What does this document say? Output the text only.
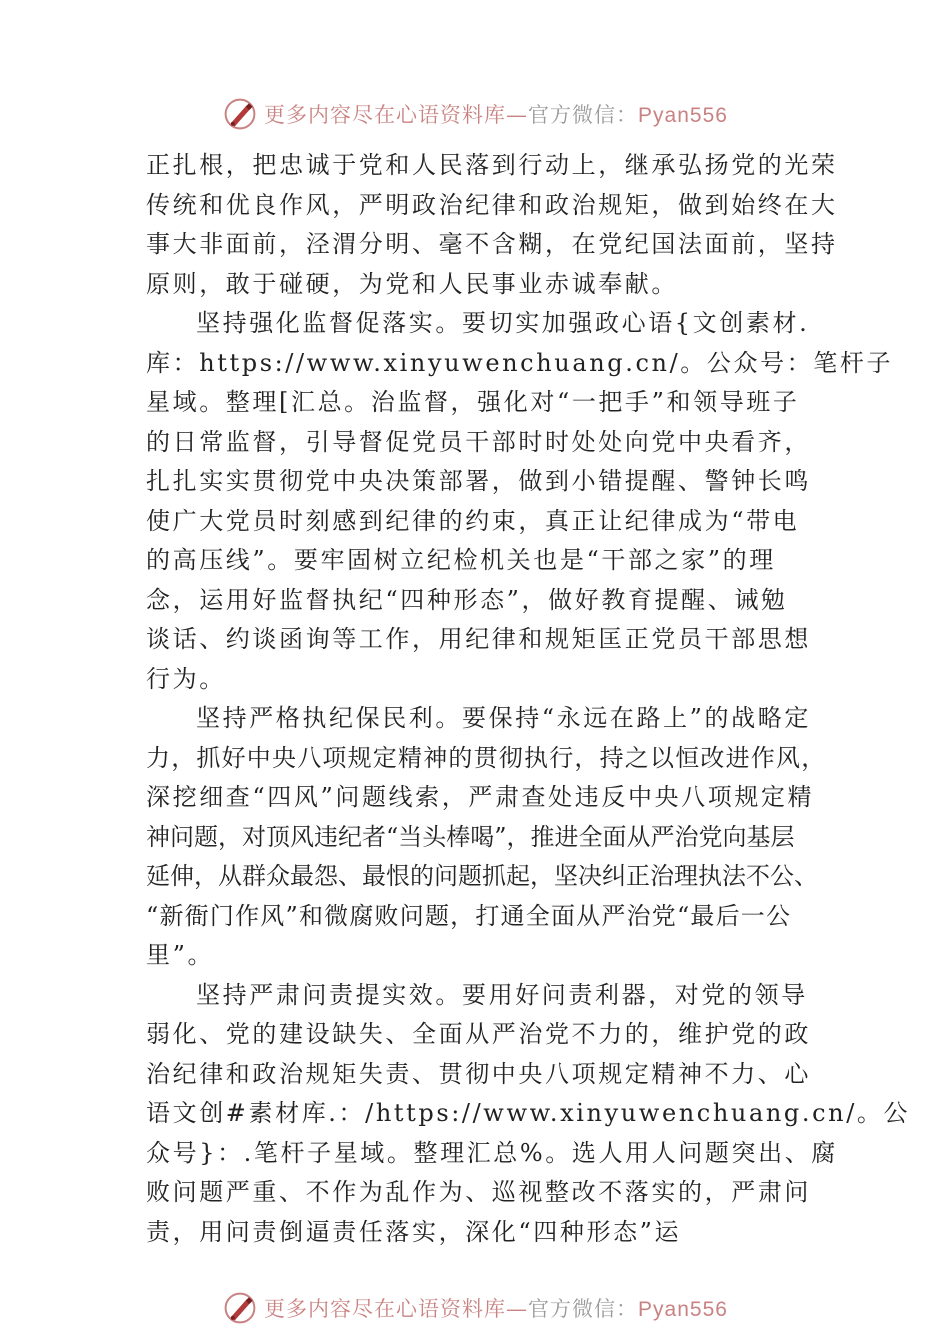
更多内容尽在心语资料库—官方微信：Pyan556
正扎根，把忠诚于党和人民落到行动上，继承弘扬党的光荣
传统和优良作风，严明政治纪律和政治规矩，做到始终在大
事大非面前，泾渭分明、毫不含糊，在党纪国法面前，坚持
原则，敢于碰硬，为党和人民事业赤诚奉献。
坚持强化监督促落实。要切实加强政心语{文创素材.
库：https://www.xinyuwenchuang.cn/。公众号：笔杆子
星域。整理[汇总。治监督，强化对“一把手”和领导班子
的日常监督，引导督促党员干部时时处处向党中央看齐，
扎扎实实贯彻党中央决策部署，做到小错提醒、警钟长鸣
使广大党员时刻感到纪律的约束，真正让纪律成为“带电
的高压线”。要牢固树立纪检机关也是“干部之家”的理
念，运用好监督执纪“四种形态”，做好教育提醒、诫勉
谈话、约谈函询等工作，用纪律和规矩匡正党员干部思想
行为。
坚持严格执纪保民利。要保持“永远在路上”的战略定
力，抓好中央八项规定精神的贯彻执行，持之以恒改进作风，
深挖细查“四风”问题线索，严肃查处违反中央八项规定精
神问题，对顶风违纪者“当头棒喝”，推进全面从严治党向基层
延伸，从群众最怨、最恨的问题抓起，坚决纠正治理执法不公、
“新衙门作风”和微腐败问题，打通全面从严治党“最后一公
里”。
坚持严肃问责提实效。要用好问责利器，对党的领导
弱化、党的建设缺失、全面从严治党不力的，维护党的政
治纪律和政治规矩失责、贯彻中央八项规定精神不力、心
语文创#素材库.：/https://www.xinyuwenchuang.cn/。公
众号}：.笔杆子星域。整理汇总%。选人用人问题突出、腐
败问题严重、不作为乱作为、巡视整改不落实的，严肃问
责，用问责倒逼责任落实，深化“四种形态”运
更多内容尽在心语资料库—官方微信：Pyan556
